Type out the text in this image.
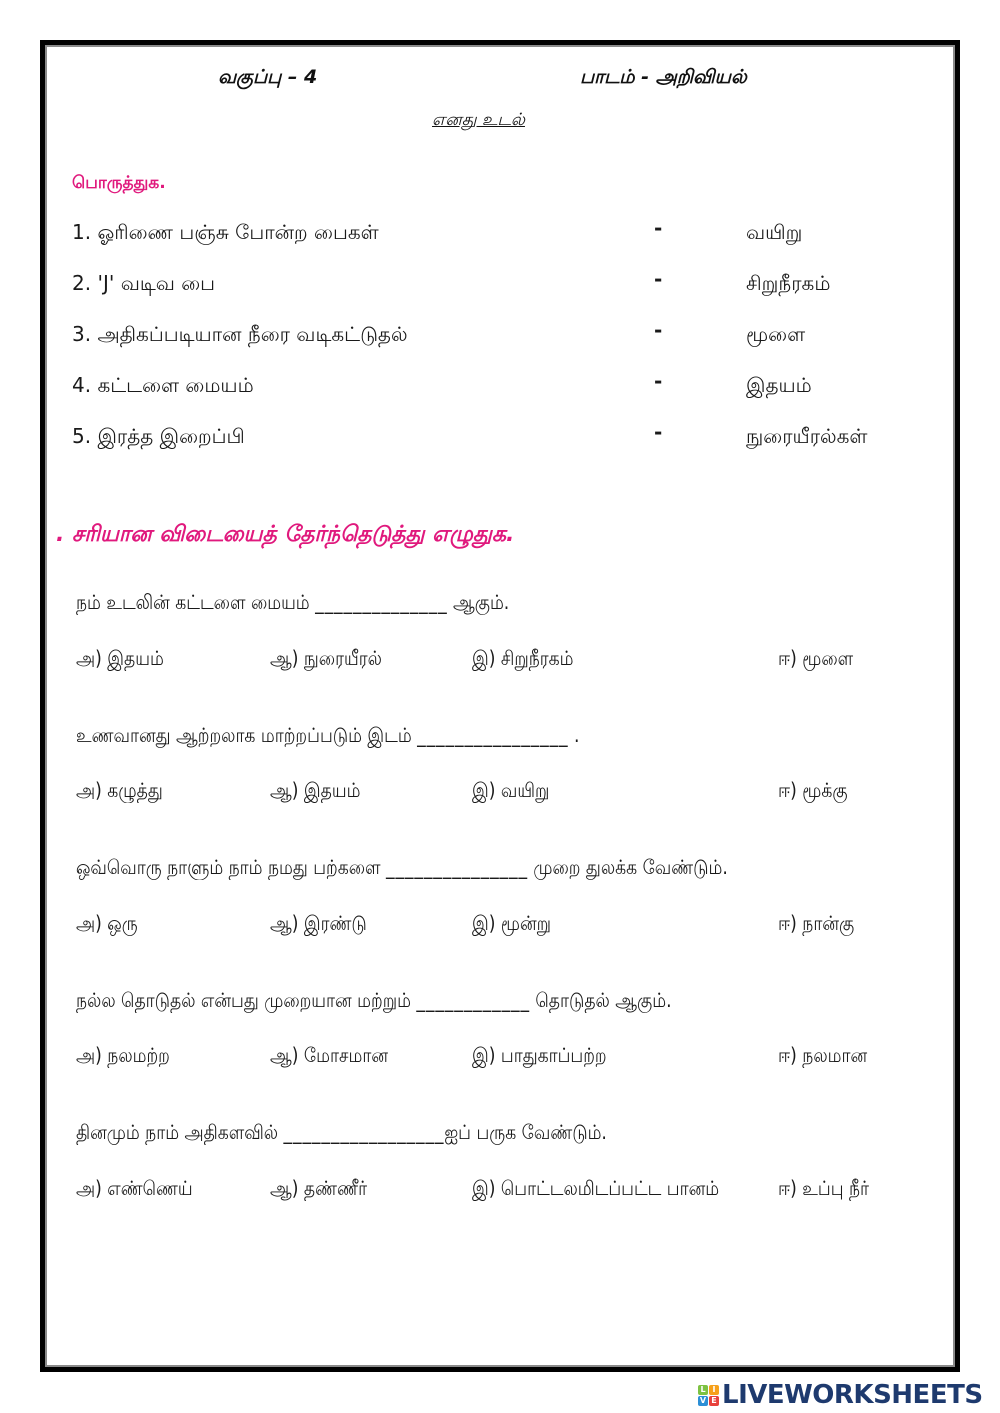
வகுப்பு – 4	பாடம் - அறிவியல்
எனது உடல்
பொருத்துக.
1. ஓரிணை பஞ்சு போன்ற பைகள்	-	வயிறு
2. 'J' வடிவ பை	-	சிறுநீரகம்
3. அதிகப்படியான நீரை வடிகட்டுதல்	-	மூளை
4. கட்டளை மையம்	-	இதயம்
5. இரத்த இறைப்பி	-	நுரையீரல்கள்
. சரியான விடையைத் தேர்ந்தெடுத்து எழுதுக.
நம் உடலின் கட்டளை மையம் ______________ ஆகும்.
அ) இதயம்	ஆ) நுரையீரல்	இ) சிறுநீரகம்	ஈ) மூளை
உணவானது ஆற்றலாக மாற்றப்படும் இடம் ________________ .
அ) கழுத்து	ஆ) இதயம்	இ) வயிறு	ஈ) மூக்கு
ஒவ்வொரு நாளும் நாம் நமது பற்களை _______________ முறை துலக்க வேண்டும்.
அ) ஒரு	ஆ) இரண்டு	இ) மூன்று	ஈ) நான்கு
நல்ல தொடுதல் என்பது முறையான மற்றும் ____________ தொடுதல் ஆகும்.
அ) நலமற்ற	ஆ) மோசமான	இ) பாதுகாப்பற்ற	ஈ) நலமான
தினமும் நாம் அதிகளவில் _________________ஐப் பருக வேண்டும்.
அ) எண்ணெய்	ஆ) தண்ணீர்	இ) பொட்டலமிடப்பட்ட பானம்	ஈ) உப்பு நீர்
L I
V E LIVEWORKSHEETS
